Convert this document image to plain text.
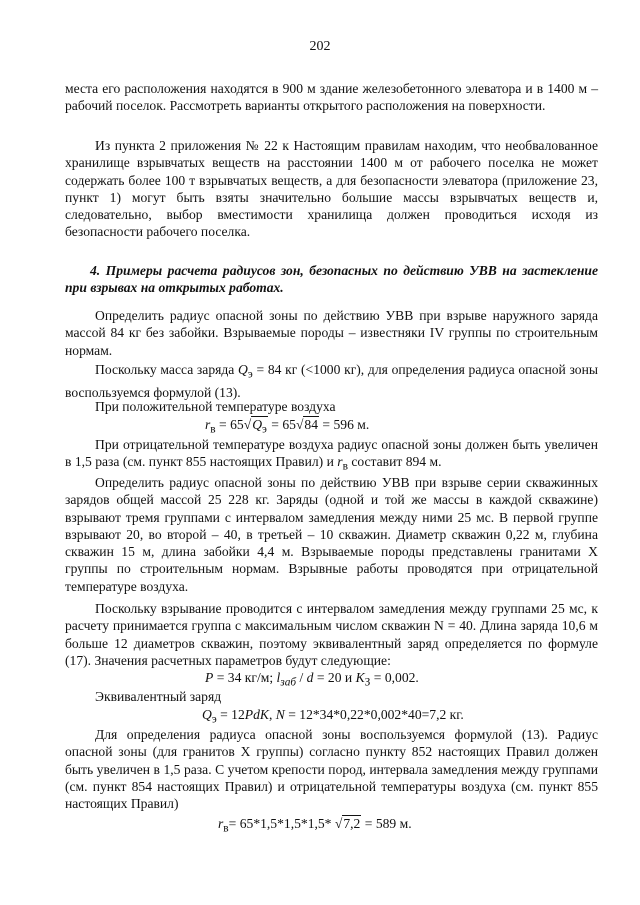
202

места его расположения находятся в 900 м здание железобетонного элеватора и в 1400 м – рабочий поселок. Рассмотреть варианты открытого расположения на поверхности.

Из пункта 2 приложения № 22 к Настоящим правилам находим, что необвалованное хранилище взрывчатых веществ на расстоянии 1400 м от рабочего поселка не может содержать более 100 т взрывчатых веществ, а для безопасности элеватора (приложение 23, пункт 1) могут быть взяты значительно большие массы взрывчатых веществ и, следовательно, выбор вместимости хранилища должен проводиться исходя из безопасности рабочего поселка.

4. Примеры расчета радиусов зон, безопасных по действию УВВ на застекление при взрывах на открытых работах.

Определить радиус опасной зоны по действию УВВ при взрыве наружного заряда массой 84 кг без забойки. Взрываемые породы – известняки IV группы по строительным нормам.

Поскольку масса заряда $Q_э = 84$ кг (<1000 кг), для определения радиуса опасной зоны воспользуемся формулой (13).

При положительной температуре воздуха

$r_в = 65√Q_э = 65√84 = 596$ м.

При отрицательной температуре воздуха радиус опасной зоны должен быть увеличен в 1,5 раза (см. пункт 855 настоящих Правил) и $r_в$ составит 894 м.

Определить радиус опасной зоны по действию УВВ при взрыве серии скважинных зарядов общей массой 25 228 кг. Заряды (одной и той же массы в каждой скважине) взрывают тремя группами с интервалом замедления между ними 25 мс. В первой группе взрывают 20, во второй – 40, в третьей – 10 скважин. Диаметр скважин 0,22 м, глубина скважин 15 м, длина забойки 4,4 м. Взрываемые породы представлены гранитами X группы по строительным нормам. Взрывные работы проводятся при отрицательной температуре воздуха.

Поскольку взрывание проводится с интервалом замедления между группами 25 мс, к расчету принимается группа с максимальным числом скважин N = 40. Длина заряда 10,6 м больше 12 диаметров скважин, поэтому эквивалентный заряд определяется по формуле (17). Значения расчетных параметров будут следующие:

P = 34 кг/м; $l_{заб} / d = 20$ и $K_З = 0,002$.

Эквивалентный заряд

$Q_э = 12PdK$, N = 12*34*0,22*0,002*40=7,2 кг.

Для определения радиуса опасной зоны воспользуемся формулой (13). Радиус опасной зоны (для гранитов X группы) согласно пункту 852 настоящих Правил должен быть увеличен в 1,5 раза. С учетом крепости пород, интервала замедления между группами (см. пункт 854 настоящих Правил) и отрицательной температуры воздуха (см. пункт 855 настоящих Правил)

$r_в= 65*1,5*1,5*1,5*$ √7,2 = 589 м.
